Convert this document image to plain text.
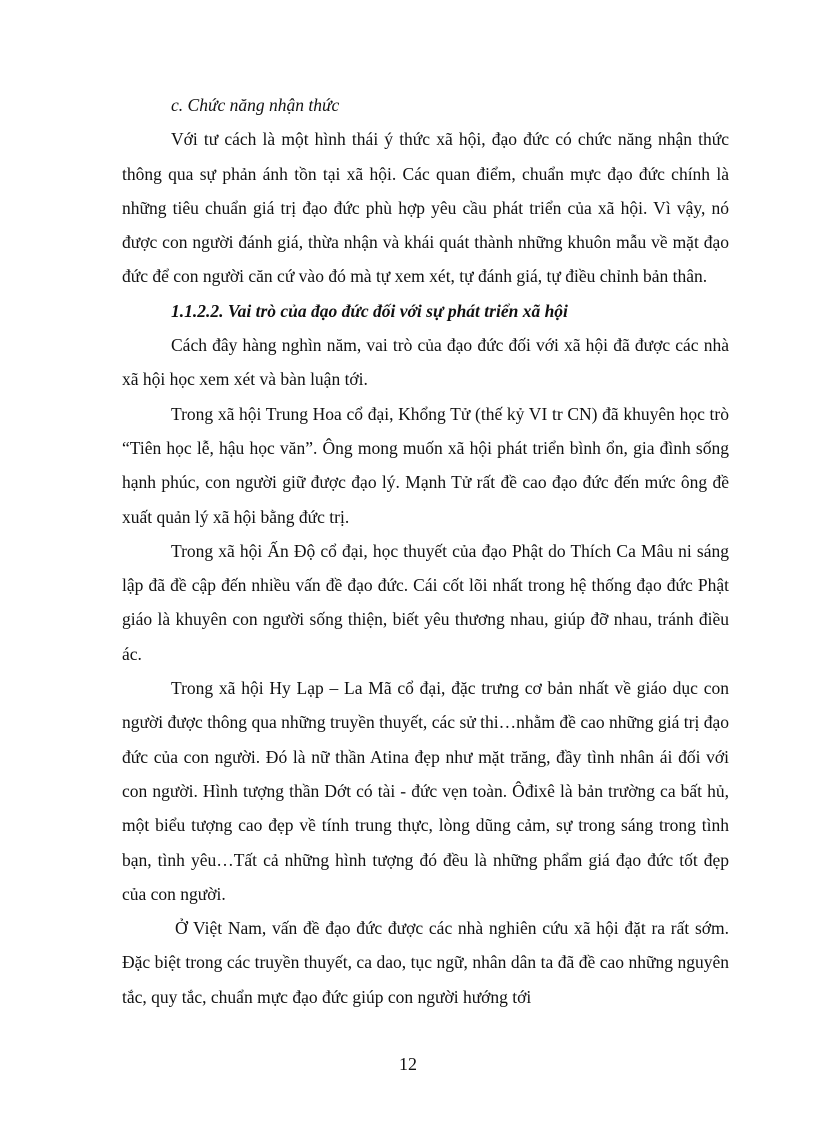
c. Chức năng nhận thức

Với tư cách là một hình thái ý thức xã hội, đạo đức có chức năng nhận thức thông qua sự phản ánh tồn tại xã hội. Các quan điểm, chuẩn mực đạo đức chính là những tiêu chuẩn giá trị đạo đức phù hợp yêu cầu phát triển của xã hội. Vì vậy, nó được con người đánh giá, thừa nhận và khái quát thành những khuôn mẫu về mặt đạo đức để con người căn cứ vào đó mà tự xem xét, tự đánh giá, tự điều chỉnh bản thân.

1.1.2.2. Vai trò của đạo đức đối với sự phát triển xã hội

Cách đây hàng nghìn năm, vai trò của đạo đức đối với xã hội đã được các nhà xã hội học xem xét và bàn luận tới.

Trong xã hội Trung Hoa cổ đại, Khổng Tử (thế kỷ VI tr CN) đã khuyên học trò “Tiên học lễ, hậu học văn”. Ông mong muốn xã hội phát triển bình ổn, gia đình sống hạnh phúc, con người giữ được đạo lý. Mạnh Tử rất đề cao đạo đức đến mức ông đề xuất quản lý xã hội bằng đức trị.

Trong xã hội Ấn Độ cổ đại, học thuyết của đạo Phật do Thích Ca Mâu ni sáng lập đã đề cập đến nhiều vấn đề đạo đức. Cái cốt lõi nhất trong hệ thống đạo đức Phật giáo là khuyên con người sống thiện, biết yêu thương nhau, giúp đỡ nhau, tránh điều ác.

Trong xã hội Hy Lạp – La Mã cổ đại, đặc trưng cơ bản nhất về giáo dục con người được thông qua những truyền thuyết, các sử thi…nhằm đề cao những giá trị đạo đức của con người. Đó là nữ thần Atina đẹp như mặt trăng, đầy tình nhân ái đối với con người. Hình tượng thần Dớt có tài - đức vẹn toàn. Ôđixê là bản trường ca bất hủ, một biểu tượng cao đẹp về tính trung thực, lòng dũng cảm, sự trong sáng trong tình bạn, tình yêu…Tất cả những hình tượng đó đều là những phẩm giá đạo đức tốt đẹp của con người.

Ở Việt Nam, vấn đề đạo đức được các nhà nghiên cứu xã hội đặt ra rất sớm. Đặc biệt trong các truyền thuyết, ca dao, tục ngữ, nhân dân ta đã đề cao những nguyên tắc, quy tắc, chuẩn mực đạo đức giúp con người hướng tới

12
